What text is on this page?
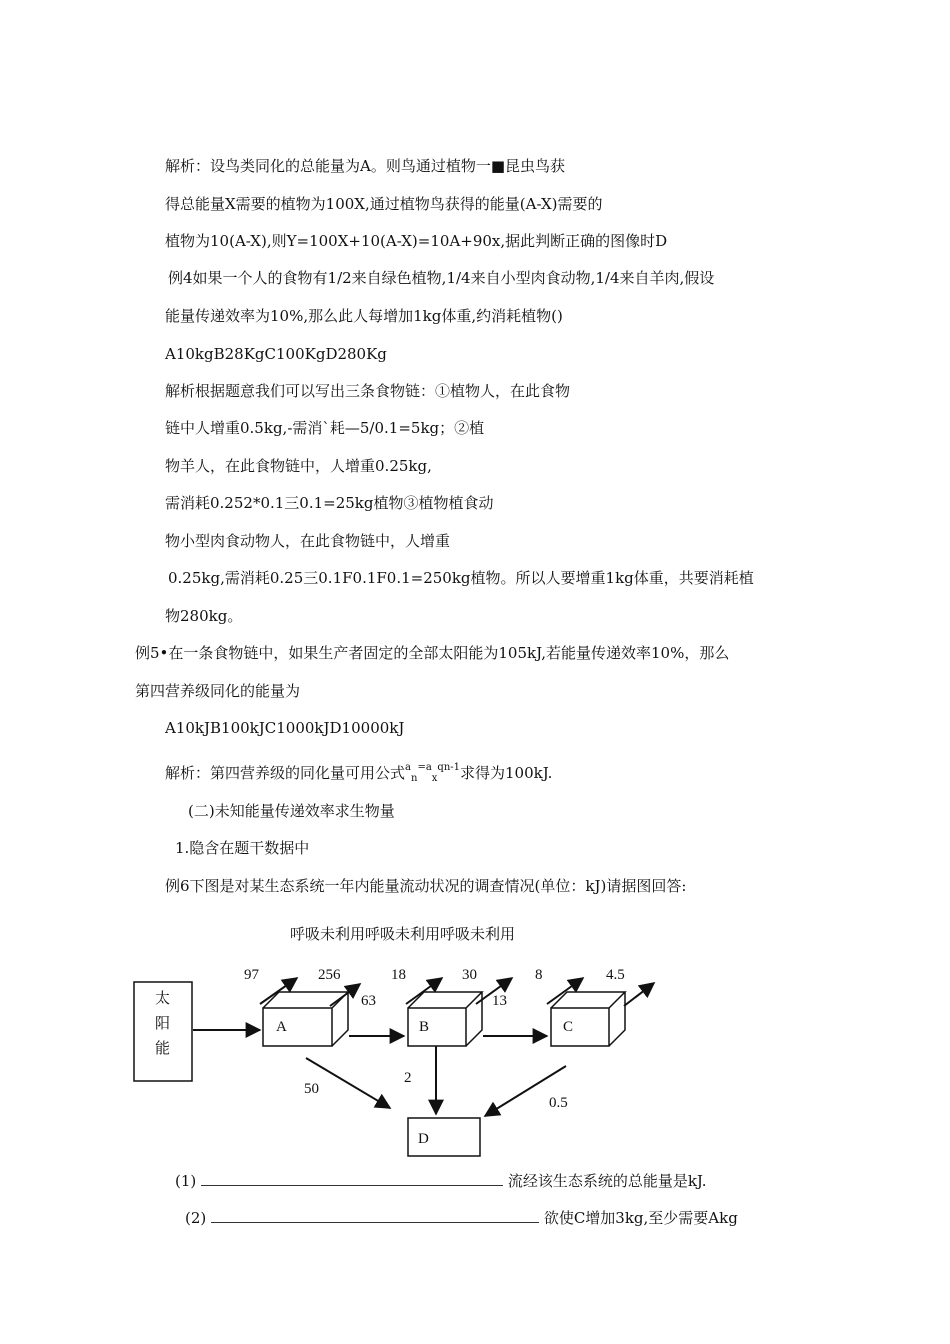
解析：设鸟类同化的总能量为A。则鸟通过植物一■昆虫鸟获
得总能量X需要的植物为100X,通过植物鸟获得的能量(A-X)需要的
植物为10(A-X),则Y=100X+10(A-X)=10A+90x,据此判断正确的图像时D
例4如果一个人的食物有1/2来自绿色植物,1/4来自小型肉食动物,1/4来自羊肉,假设
能量传递效率为10%,那么此人每增加1kg体重,约消耗植物()
A10kgB28KgC100KgD280Kg
解析根据题意我们可以写出三条食物链：①植物人，在此食物
链中人增重0.5kg,-需消`耗—5/0.1=5kg；②植
物羊人，在此食物链中，人增重0.25kg,
需消耗0.252*0.1三0.1=25kg植物③植物植食动
物小型肉食动物人，在此食物链中，人增重
0.25kg,需消耗0.25三0.1F0.1F0.1=250kg植物。所以人要增重1kg体重，共要消耗植
物280kg。
例5•在一条食物链中，如果生产者固定的全部太阳能为105kJ,若能量传递效率10%，那么
第四营养级同化的能量为
A10kJB100kJC1000kJD10000kJ
解析：第四营养级的同化量可用公式$^a_n^{=a}_x^{qn-1}$求得为100kJ.
(二)未知能量传递效率求生物量
1.隐含在题干数据中
例6下图是对某生态系统一年内能量流动状况的调查情况(单位：kJ)请据图回答:
呼吸未利用呼吸未利用呼吸未利用
太
阳
能
A	B	C
D
97	256	18	30	8	4.5
63	13
50
2
0.5
(1)	流经该生态系统的总能量是kJ.
(2)	欲使C增加3kg,至少需要Akg
